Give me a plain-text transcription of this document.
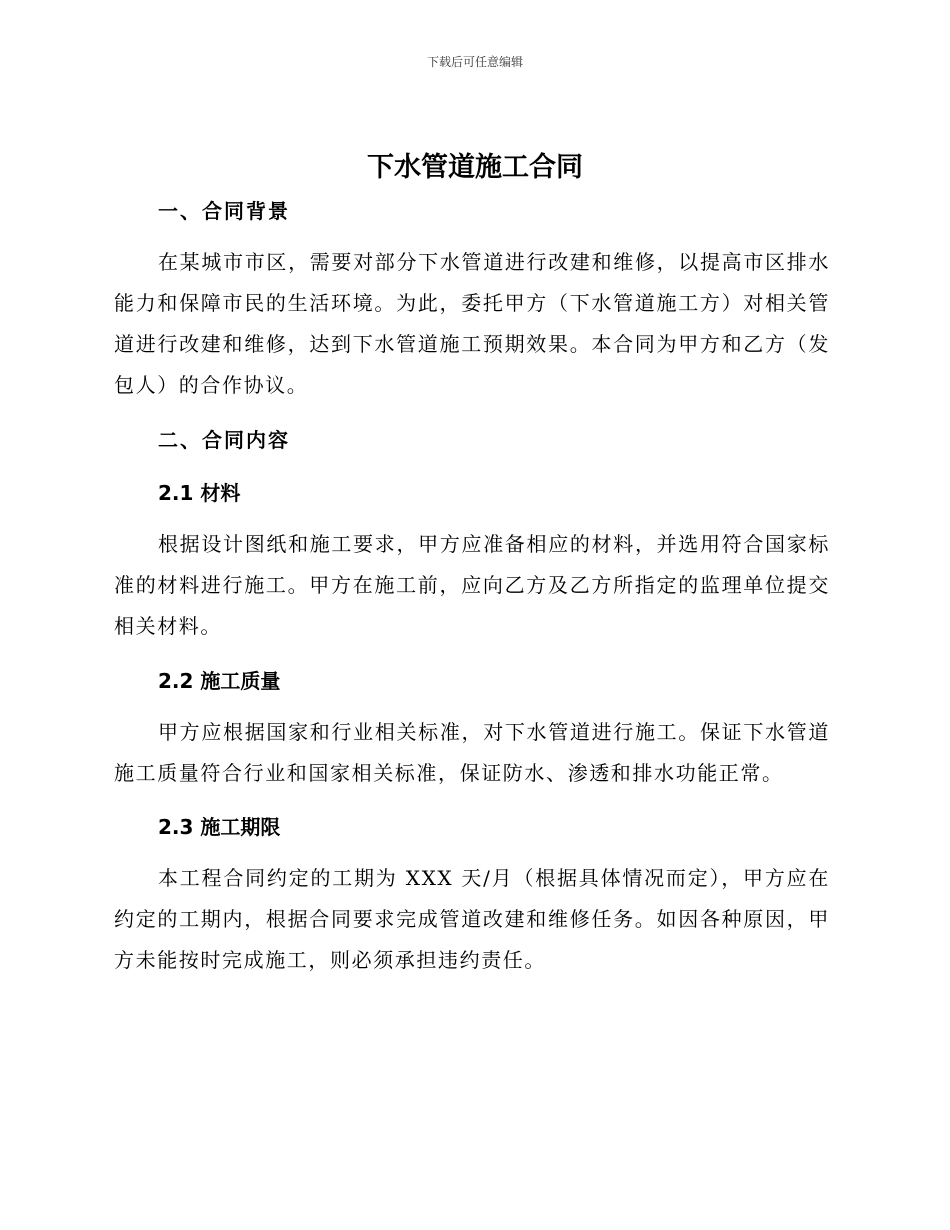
下载后可任意编辑
下水管道施工合同
一、合同背景
在某城市市区，需要对部分下水管道进行改建和维修，以提高市区排水能力和保障市民的生活环境。为此，委托甲方（下水管道施工方）对相关管道进行改建和维修，达到下水管道施工预期效果。本合同为甲方和乙方（发包人）的合作协议。
二、合同内容
2.1 材料
根据设计图纸和施工要求，甲方应准备相应的材料，并选用符合国家标准的材料进行施工。甲方在施工前，应向乙方及乙方所指定的监理单位提交相关材料。
2.2 施工质量
甲方应根据国家和行业相关标准，对下水管道进行施工。保证下水管道施工质量符合行业和国家相关标准，保证防水、渗透和排水功能正常。
2.3 施工期限
本工程合同约定的工期为 XXX 天/月（根据具体情况而定），甲方应在约定的工期内，根据合同要求完成管道改建和维修任务。如因各种原因，甲方未能按时完成施工，则必须承担违约责任。
